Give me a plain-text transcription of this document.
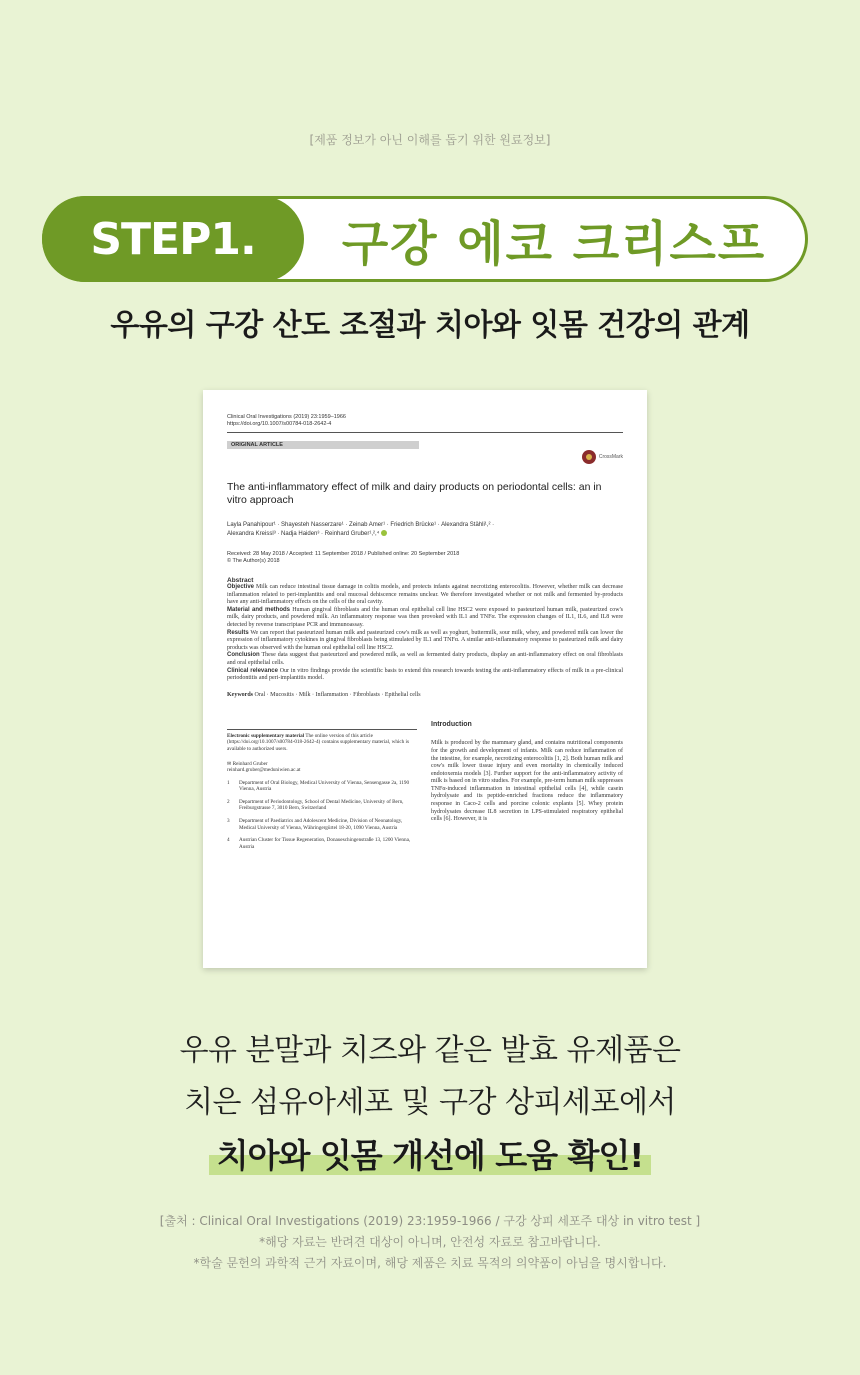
[제품 정보가 아닌 이해를 돕기 위한 원료정보]
STEP1.	구강 에코 크리스프
우유의 구강 산도 조절과 치아와 잇몸 건강의 관계
Clinical Oral Investigations (2019) 23:1959–1966
https://doi.org/10.1007/s00784-018-2642-4
ORIGINAL ARTICLE
CrossMark
The anti-inflammatory effect of milk and dairy products on periodontal cells: an in vitro approach
Layla Panahipour¹ · Shayesteh Nasserzare¹ · Zeinab Amer¹ · Friedrich Brücke¹ · Alexandra Stähli¹,² ·
Alexandra Kreissl³ · Nadja Haiden³ · Reinhard Gruber¹,²,⁴
Received: 28 May 2018 / Accepted: 11 September 2018 / Published online: 20 September 2018
© The Author(s) 2018
Abstract
Objective Milk can reduce intestinal tissue damage in colitis models, and protects infants against necrotizing enterocolitis. However, whether milk can decrease inflammation related to peri-implantitis and oral mucosal dehiscence remains unclear. We therefore investigated whether or not milk and fermented by-products have any anti-inflammatory effects on the cells of the oral cavity.
Material and methods Human gingival fibroblasts and the human oral epithelial cell line HSC2 were exposed to pasteurized human milk, pasteurized cow's milk, dairy products, and powdered milk. An inflammatory response was then provoked with IL1 and TNFα. The expression changes of IL1, IL6, and IL8 were detected by reverse transcriptase PCR and immunoassay.
Results We can report that pasteurized human milk and pasteurized cow's milk as well as yoghurt, buttermilk, sour milk, whey, and powdered milk can lower the expression of inflammatory cytokines in gingival fibroblasts being stimulated by IL1 and TNFα. A similar anti-inflammatory response to pasteurized milk and dairy products was observed with the human oral epithelial cell line HSC2.
Conclusion These data suggest that pasteurized and powdered milk, as well as fermented dairy products, display an anti-inflammatory effect on oral fibroblasts and oral epithelial cells.
Clinical relevance Our in vitro findings provide the scientific basis to extend this research towards testing the anti-inflammatory effects of milk in a pre-clinical periodontitis and peri-implantitis model.
Keywords Oral · Mucositis · Milk · Inflammation · Fibroblasts · Epithelial cells
Electronic supplementary material The online version of this article (https://doi.org/10.1007/s00784-018-2642-4) contains supplementary material, which is available to authorized users.
✉ Reinhard Gruber
reinhard.gruber@meduniwien.ac.at
1	Department of Oral Biology, Medical University of Vienna, Sensengasse 2a, 1190 Vienna, Austria
2	Department of Periodontology, School of Dental Medicine, University of Bern, Freiburgstrasse 7, 3010 Bern, Switzerland
3	Department of Paediatrics and Adolescent Medicine, Division of Neonatology, Medical University of Vienna, Währingergürtel 18-20, 1090 Vienna, Austria
4	Austrian Cluster for Tissue Regeneration, Donaueschingenstraße 13, 1200 Vienna, Austria
Introduction
Milk is produced by the mammary gland, and contains nutritional components for the growth and development of infants. Milk can reduce inflammation of the intestine, for example, necrotizing enterocolitis [1, 2]. Both human milk and cow's milk lower tissue injury and even mortality in chemically induced endotoxemia models [3]. Further support for the anti-inflammatory activity of milk is based on in vitro studies. For example, pre-term human milk suppresses TNFα-induced inflammation in intestinal epithelial cells [4], while casein hydrolysate and its peptide-enriched fractions reduce the inflammatory response in Caco-2 cells and porcine colonic explants [5]. Whey protein hydrolysates decrease IL8 secretion in LPS-stimulated respiratory epithelial cells [6]. However, it is
우유 분말과 치즈와 같은 발효 유제품은
치은 섬유아세포 및 구강 상피세포에서
치아와 잇몸 개선에 도움 확인!
[출처 : Clinical Oral Investigations (2019) 23:1959-1966 / 구강 상피 세포주 대상 in vitro test ]
*해당 자료는 반려견 대상이 아니며, 안전성 자료로 참고바랍니다.
*학술 문헌의 과학적 근거 자료이며, 해당 제품은 치료 목적의 의약품이 아님을 명시합니다.
